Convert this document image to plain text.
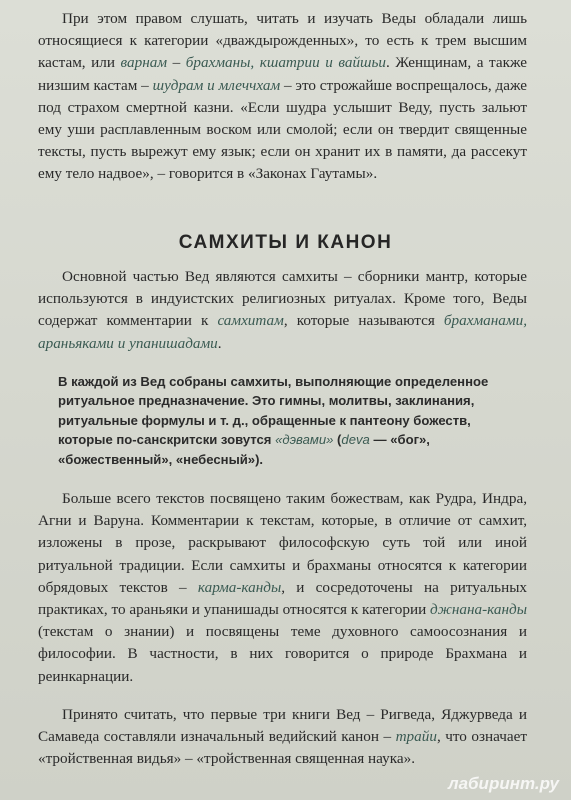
При этом правом слушать, читать и изучать Веды обладали лишь относящиеся к категории «дваждырожденных», то есть к трем высшим кастам, или варнам – брахманы, кшатрии и вайшьи. Женщинам, а также низшим кастам – шудрам и млеччхам – это строжайше воспрещалось, даже под страхом смертной казни. «Если шудра услышит Веду, пусть зальют ему уши расплавленным воском или смолой; если он твердит священные тексты, пусть вырежут ему язык; если он хранит их в памяти, да рассекут ему тело надвое», – говорится в «Законах Гаутамы».

САМХИТЫ И КАНОН

Основной частью Вед являются самхиты – сборники мантр, которые используются в индуистских религиозных ритуалах. Кроме того, Веды содержат комментарии к самхитам, которые называются брахманами, араньяками и упанишадами.

В каждой из Вед собраны самхиты, выполняющие определенное ритуальное предназначение. Это гимны, молитвы, заклинания, ритуальные формулы и т. д., обращенные к пантеону божеств, которые по-санскритски зовутся «дэвами» (deva — «бог», «божественный», «небесный»).

Больше всего текстов посвящено таким божествам, как Рудра, Индра, Агни и Варуна. Комментарии к текстам, которые, в отличие от самхит, изложены в прозе, раскрывают философскую суть той или иной ритуальной традиции. Если самхиты и брахманы относятся к категории обрядовых текстов – карма-канды, и сосредоточены на ритуальных практиках, то араньяки и упанишады относятся к категории джнана-канды (текстам о знании) и посвящены теме духовного самоосознания и философии. В частности, в них говорится о природе Брахмана и реинкарнации.

Принято считать, что первые три книги Вед – Ригведа, Яджурведа и Самаведа составляли изначальный ведийский канон – трайи, что означает «тройственная видья» – «тройственная священная наука».

лабиринт.ру
